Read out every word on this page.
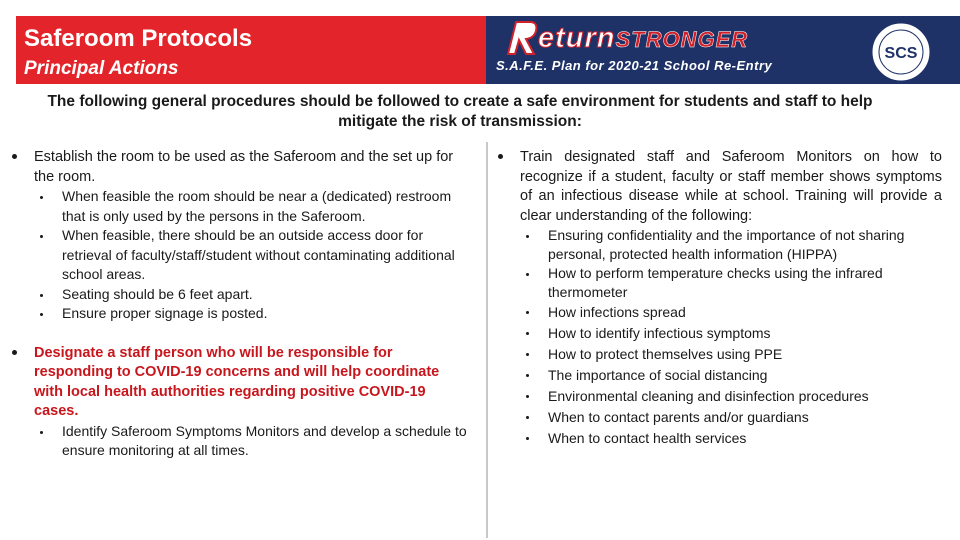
Saferoom Protocols
Principal Actions
eturnSTRONGER
S.A.F.E. Plan for 2020-21 School Re-Entry
SCS
The following general procedures should be followed to create a safe environment for students and staff to help mitigate the risk of transmission:
Establish the room to be used as the Saferoom and the set up for the room.
When feasible the room should be near a (dedicated) restroom that is only used by the persons in the Saferoom.
When feasible, there should be an outside access door for retrieval of faculty/staff/student without contaminating additional school areas.
Seating should be 6 feet apart.
Ensure proper signage is posted.
Designate a staff person who will be responsible for responding to COVID-19 concerns and will help coordinate with local health authorities regarding positive COVID-19 cases.
Identify Saferoom Symptoms Monitors and develop a schedule to ensure monitoring at all times.
Train designated staff and Saferoom Monitors on how to recognize if a student, faculty or staff member shows symptoms of an infectious disease while at school. Training will provide a clear understanding of the following:
Ensuring confidentiality and the importance of not sharing personal, protected health information (HIPPA)
How to perform temperature checks using the infrared thermometer
How infections spread
How to identify infectious symptoms
How to protect themselves using PPE
The importance of social distancing
Environmental cleaning and disinfection procedures
When to contact parents and/or guardians
When to contact health services
